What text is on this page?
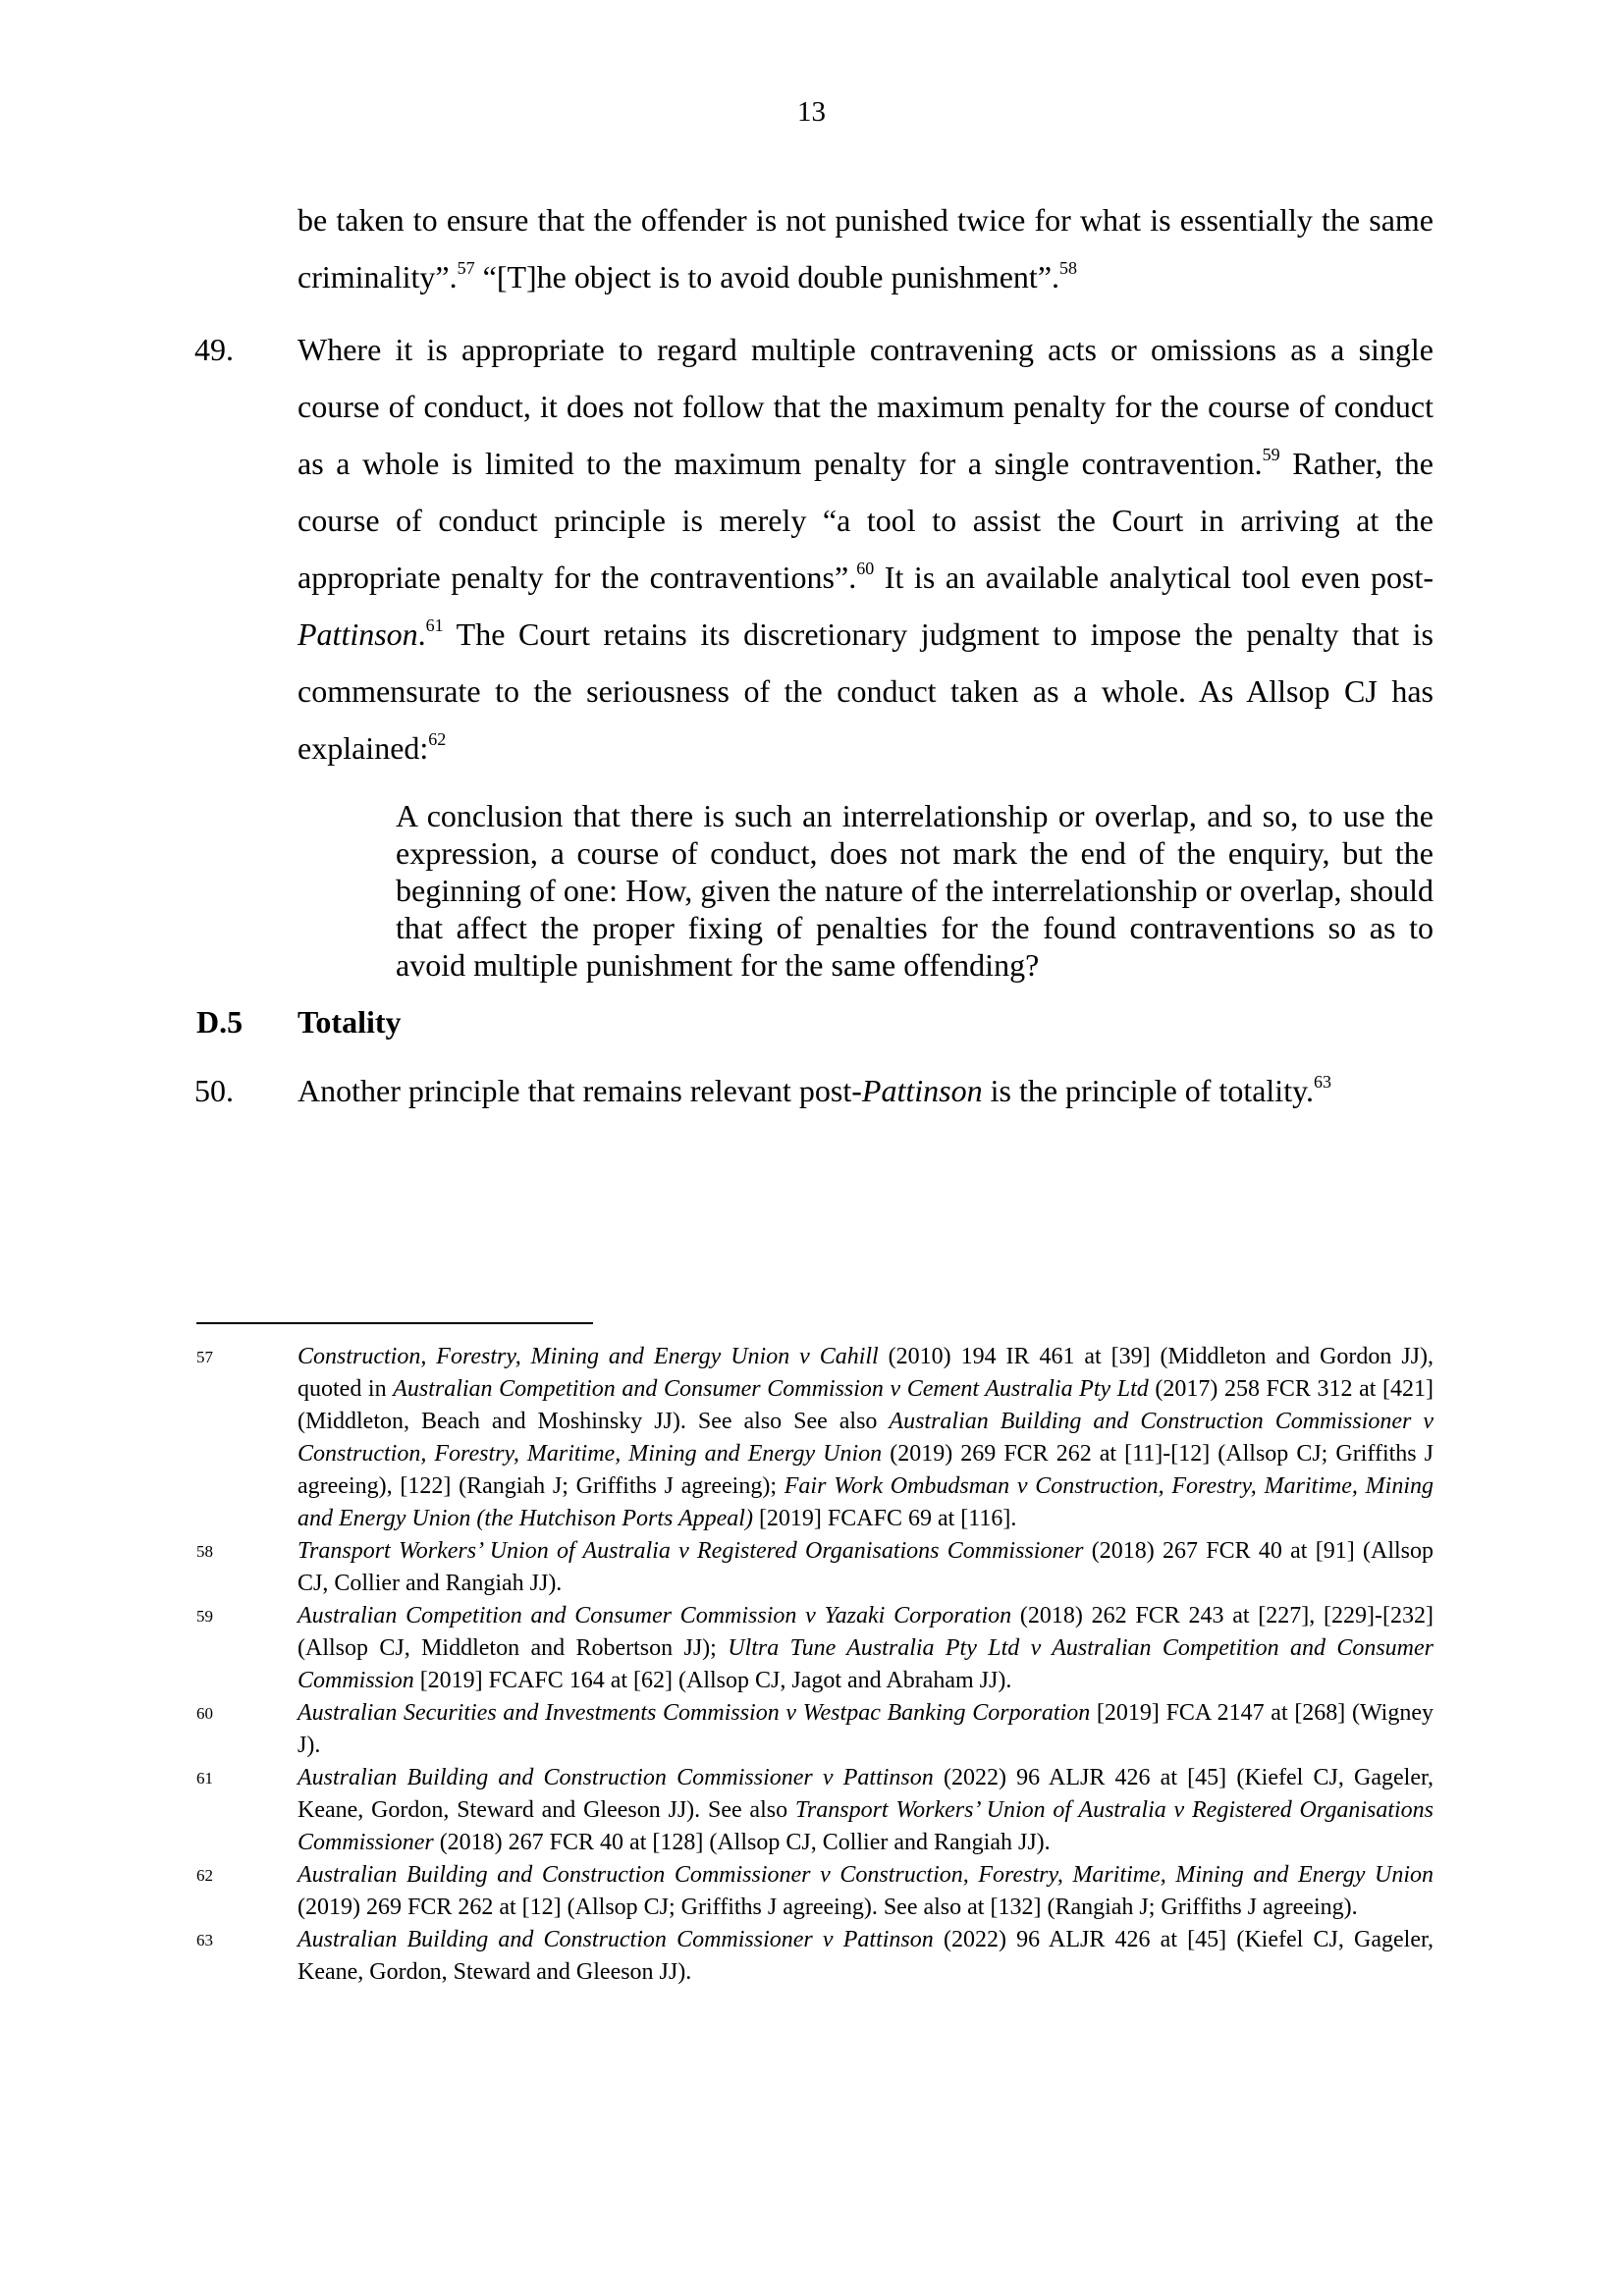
13
be taken to ensure that the offender is not punished twice for what is essentially the same criminality”.$^{57}$ “[T]he object is to avoid double punishment”.$^{58}$
49. Where it is appropriate to regard multiple contravening acts or omissions as a single course of conduct, it does not follow that the maximum penalty for the course of conduct as a whole is limited to the maximum penalty for a single contravention.$^{59}$ Rather, the course of conduct principle is merely “a tool to assist the Court in arriving at the appropriate penalty for the contraventions”.$^{60}$ It is an available analytical tool even post-Pattinson.$^{61}$ The Court retains its discretionary judgment to impose the penalty that is commensurate to the seriousness of the conduct taken as a whole. As Allsop CJ has explained:$^{62}$
A conclusion that there is such an interrelationship or overlap, and so, to use the expression, a course of conduct, does not mark the end of the enquiry, but the beginning of one: How, given the nature of the interrelationship or overlap, should that affect the proper fixing of penalties for the found contraventions so as to avoid multiple punishment for the same offending?
D.5 Totality
50. Another principle that remains relevant post-Pattinson is the principle of totality.$^{63}$
57	Construction, Forestry, Mining and Energy Union v Cahill (2010) 194 IR 461 at [39] (Middleton and Gordon JJ), quoted in Australian Competition and Consumer Commission v Cement Australia Pty Ltd (2017) 258 FCR 312 at [421] (Middleton, Beach and Moshinsky JJ). See also See also Australian Building and Construction Commissioner v Construction, Forestry, Maritime, Mining and Energy Union (2019) 269 FCR 262 at [11]-[12] (Allsop CJ; Griffiths J agreeing), [122] (Rangiah J; Griffiths J agreeing); Fair Work Ombudsman v Construction, Forestry, Maritime, Mining and Energy Union (the Hutchison Ports Appeal) [2019] FCAFC 69 at [116].
58	Transport Workers’ Union of Australia v Registered Organisations Commissioner (2018) 267 FCR 40 at [91] (Allsop CJ, Collier and Rangiah JJ).
59	Australian Competition and Consumer Commission v Yazaki Corporation (2018) 262 FCR 243 at [227], [229]-[232] (Allsop CJ, Middleton and Robertson JJ); Ultra Tune Australia Pty Ltd v Australian Competition and Consumer Commission [2019] FCAFC 164 at [62] (Allsop CJ, Jagot and Abraham JJ).
60	Australian Securities and Investments Commission v Westpac Banking Corporation [2019] FCA 2147 at [268] (Wigney J).
61	Australian Building and Construction Commissioner v Pattinson (2022) 96 ALJR 426 at [45] (Kiefel CJ, Gageler, Keane, Gordon, Steward and Gleeson JJ). See also Transport Workers’ Union of Australia v Registered Organisations Commissioner (2018) 267 FCR 40 at [128] (Allsop CJ, Collier and Rangiah JJ).
62	Australian Building and Construction Commissioner v Construction, Forestry, Maritime, Mining and Energy Union (2019) 269 FCR 262 at [12] (Allsop CJ; Griffiths J agreeing). See also at [132] (Rangiah J; Griffiths J agreeing).
63	Australian Building and Construction Commissioner v Pattinson (2022) 96 ALJR 426 at [45] (Kiefel CJ, Gageler, Keane, Gordon, Steward and Gleeson JJ).
